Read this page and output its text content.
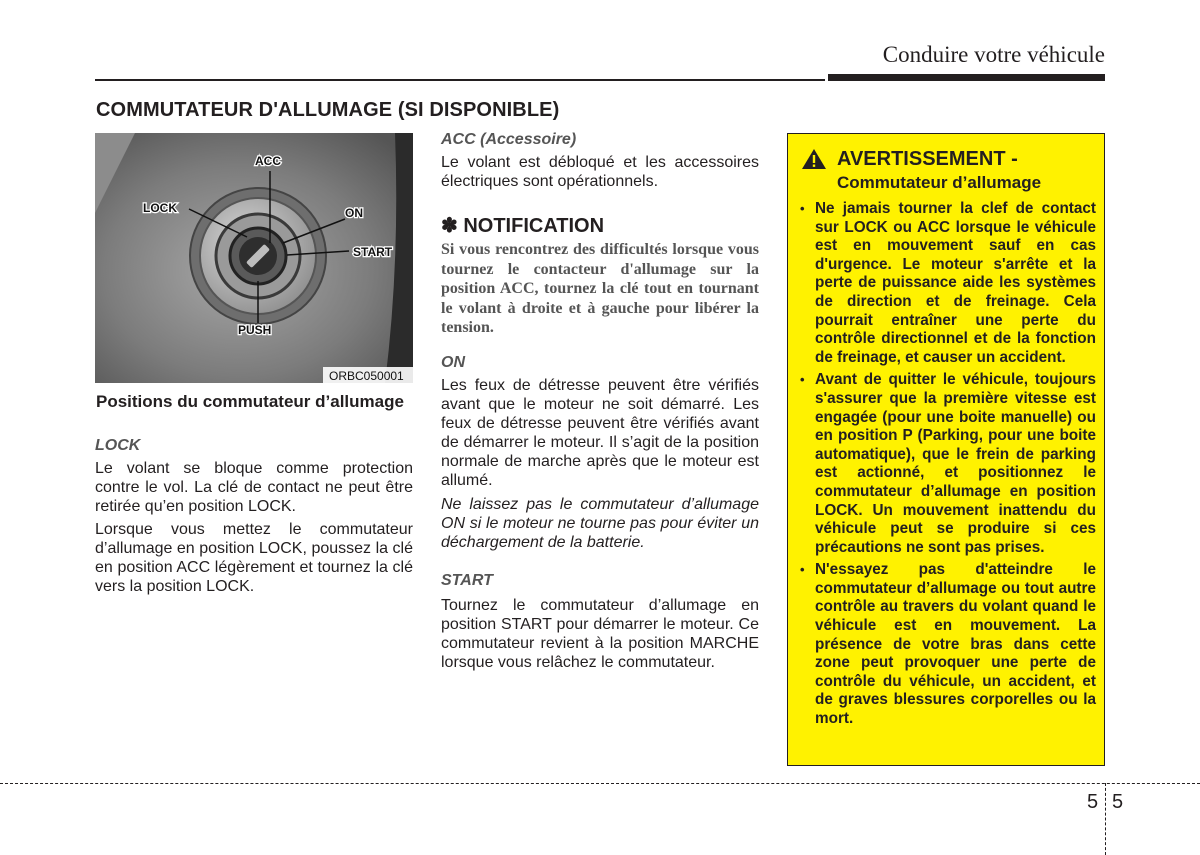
Conduire votre véhicule
COMMUTATEUR D'ALLUMAGE (SI DISPONIBLE)
ACC
LOCK	ON
START
PUSH
ORBC050001
Positions du commutateur d’allumage
LOCK
Le volant se bloque comme protection contre le vol. La clé de contact ne peut être retirée qu’en position LOCK.
Lorsque vous mettez le commutateur d’allumage en position LOCK, poussez la clé en position ACC légèrement et tournez la clé vers la position LOCK.
ACC (Accessoire)
Le volant est débloqué et les accessoires électriques sont opérationnels.
✽ NOTIFICATION
Si vous rencontrez des difficultés lorsque vous tournez le contacteur d'allumage sur la position ACC, tournez la clé tout en tournant le volant à droite et à gauche pour libérer la tension.
ON
Les feux de détresse peuvent être vérifiés avant que le moteur ne soit démarré. Les feux de détresse peuvent être vérifiés avant de démarrer le moteur. Il s’agit de la position normale de marche après que le moteur est allumé.
Ne laissez pas le commutateur d’allumage ON si le moteur ne tourne pas pour éviter un déchargement de la batterie.
START
Tournez le commutateur d’allumage en position START pour démarrer le moteur. Ce commutateur revient à la position MARCHE lorsque vous relâchez le commutateur.
AVERTISSEMENT -
Commutateur d’allumage
• Ne jamais tourner la clef de contact sur LOCK ou ACC lorsque le véhicule est en mouvement sauf en cas d'urgence. Le moteur s'arrête et la perte de puissance aide les systèmes de direction et de freinage. Cela pourrait entraîner une perte du contrôle directionnel et de la fonction de freinage, et causer un accident.
• Avant de quitter le véhicule, toujours s'assurer que la première vitesse est engagée (pour une boite manuelle) ou en position P (Parking, pour une boite automatique), que le frein de parking est actionné, et positionnez le commutateur d’allumage en position LOCK. Un mouvement inattendu du véhicule peut se produire si ces précautions ne sont pas prises.
• N'essayez pas d'atteindre le commutateur d’allumage ou tout autre contrôle au travers du volant quand le véhicule est en mouvement. La présence de votre bras dans cette zone peut provoquer une perte de contrôle du véhicule, un accident, et de graves blessures corporelles ou la mort.
5 5
